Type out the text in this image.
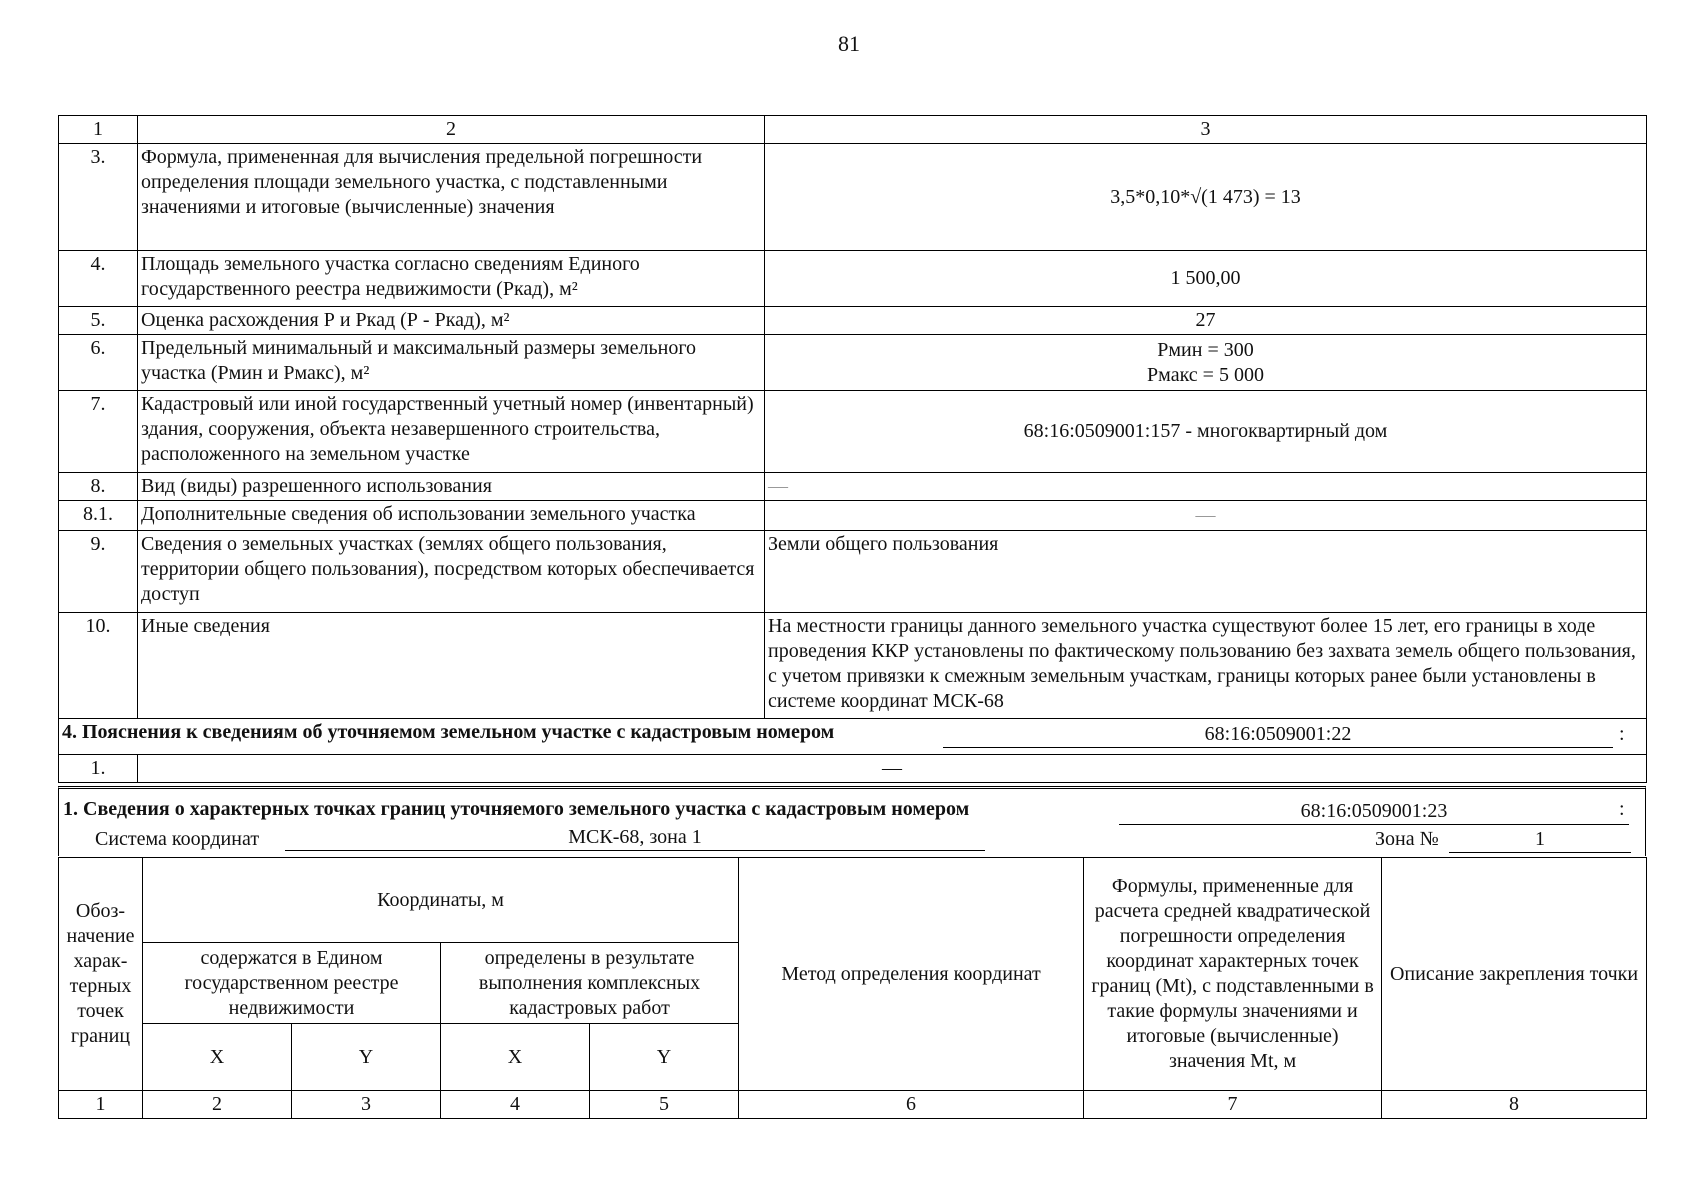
81
1	2	3
3.	Формула, примененная для вычисления предельной погрешности определения площади земельного участка, с подставленными значениями и итоговые (вычисленные) значения	3,5*0,10*√(1 473) = 13
4.	Площадь земельного участка согласно сведениям Единого государственного реестра недвижимости (Ркад), м²	1 500,00
5.	Оценка расхождения Р и Ркад (Р - Ркад), м²	27
6.	Предельный минимальный и максимальный размеры земельного участка (Рмин и Рмакс), м²	Рмин = 300
Рмакс = 5 000

7.	Кадастровый или иной государственный учетный номер (инвентарный) здания, сооружения, объекта незавершенного строительства, расположенного на земельном участке	68:16:0509001:157 - многоквартирный дом
8.	Вид (виды) разрешенного использования	—
8.1.	Дополнительные сведения об использовании земельного участка	—
9.	Сведения о земельных участках (землях общего пользования, территории общего пользования), посредством которых обеспечивается доступ	Земли общего пользования
10.	Иные сведения	На местности границы данного земельного участка существуют более 15 лет, его границы в ходе проведения ККР установлены по фактическому пользованию без захвата земель общего пользования, с учетом привязки к смежным земельным участкам, границы которых ранее были установлены в системе координат МСК-68
4. Пояснения к сведениям об уточняемом земельном участке с кадастровым номером 68:16:0509001:22 :		

1.	—	
1. Сведения о характерных точках границ уточняемого земельного участка с кадастровым номером	68:16:0509001:23	:
Система координат	МСК-68, зона 1	Зона №	1
Обоз-начение харак-терных точек границ	Координаты, м				Метод определения координат	Формулы, примененные для расчета средней квадратической погрешности определения координат характерных точек границ (Mt), с подставленными в такие формулы значениями и итоговые (вычисленные) значения Mt, м	Описание закрепления точки
	содержатся в Едином государственном реестре недвижимости		определены в результате выполнения комплексных кадастровых работ				
	X	Y	X	Y			
1	2	3	4	5	6	7	8
